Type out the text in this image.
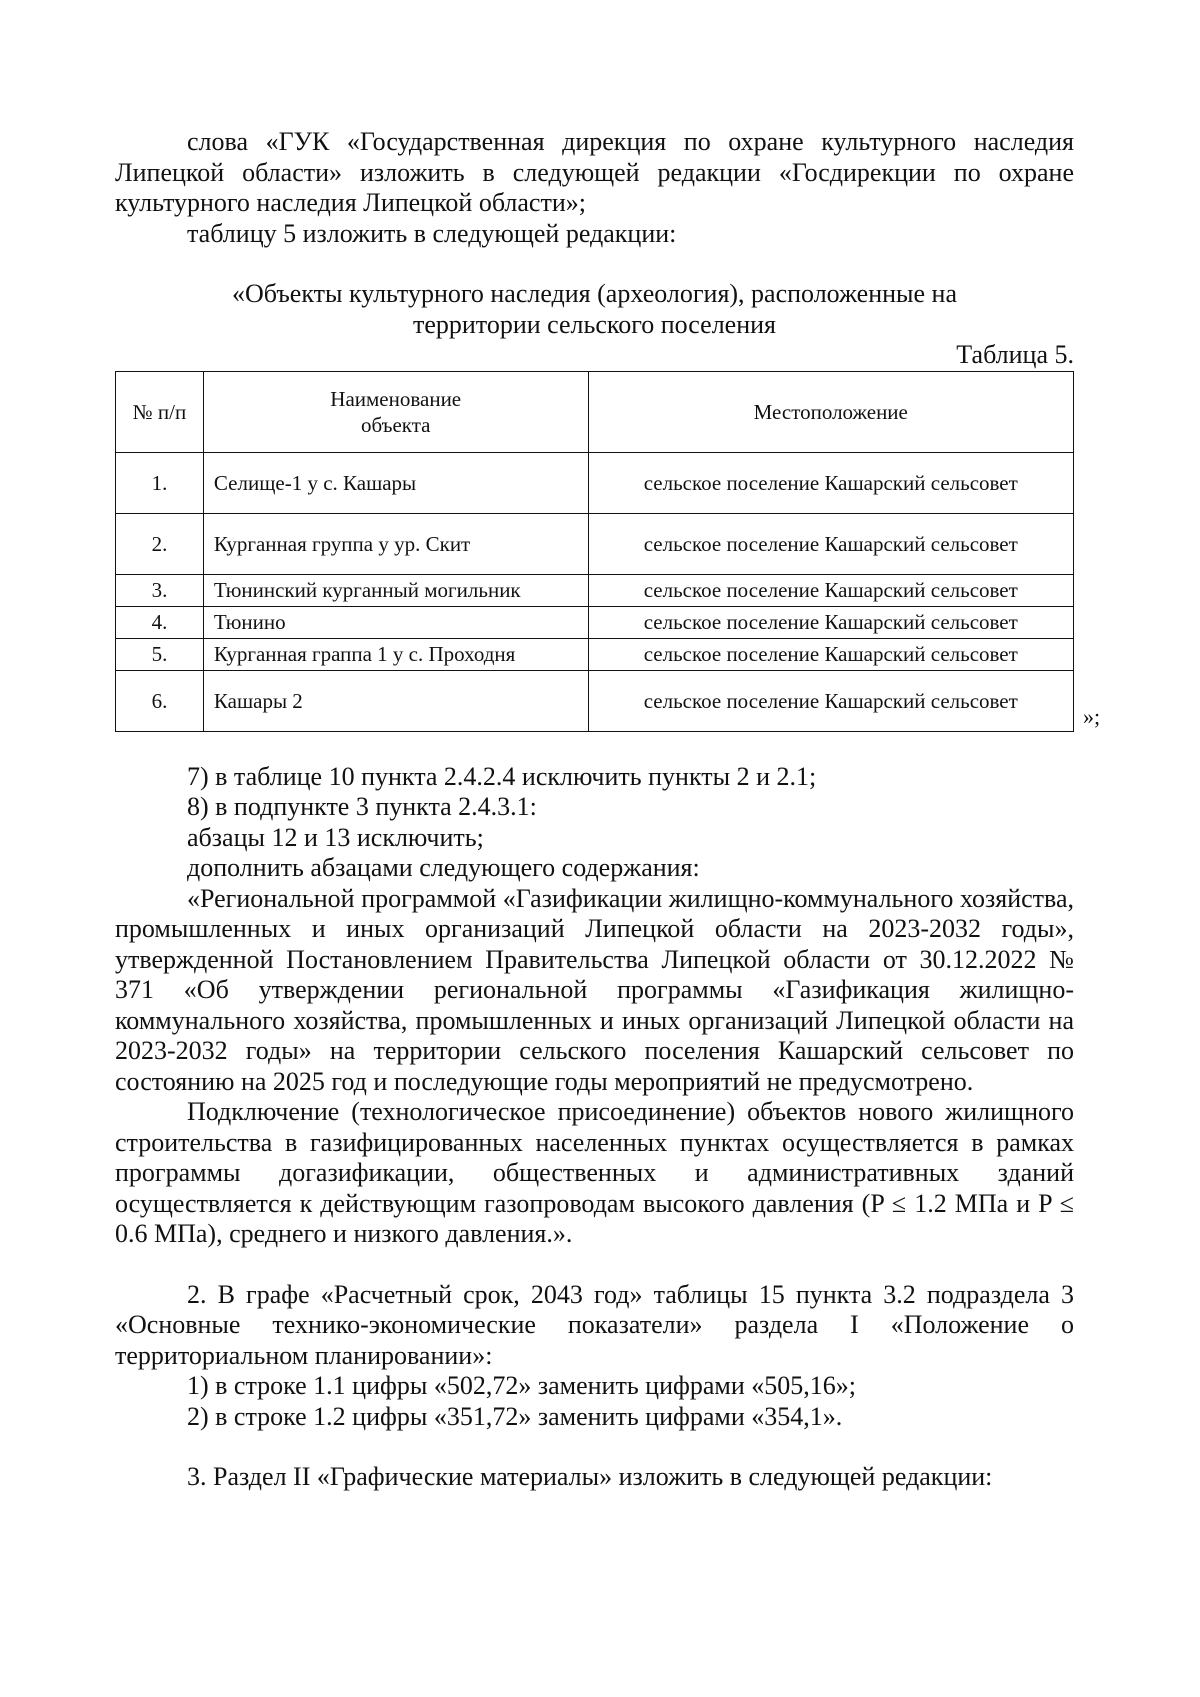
слова «ГУК «Государственная дирекция по охране культурного наследия Липецкой области» изложить в следующей редакции «Госдирекции по охране культурного наследия Липецкой области»;

таблицу 5 изложить в следующей редакции:

«Объекты культурного наследия (археология), расположенные на

территории сельского поселения

Таблица 5.

№ п/п	Наименование объекта	Местоположение
1.	Селище-1 у с. Кашары	сельское поселение Кашарский сельсовет
2.	Курганная группа у ур. Скит	сельское поселение Кашарский сельсовет
3.	Тюнинский курганный могильник	сельское поселение Кашарский сельсовет
4.	Тюнино	сельское поселение Кашарский сельсовет
5.	Курганная граппа 1 у с. Проходня	сельское поселение Кашарский сельсовет
6.	Кашары 2	сельское поселение Кашарский сельсовет
»;

7) в таблице 10 пункта 2.4.2.4 исключить пункты 2 и 2.1;

8) в подпункте 3 пункта 2.4.3.1:

абзацы 12 и 13 исключить;

дополнить абзацами следующего содержания:

«Региональной программой «Газификации жилищно-коммунального хозяйства, промышленных и иных организаций Липецкой области на 2023-2032 годы», утвержденной Постановлением Правительства Липецкой области от 30.12.2022 № 371 «Об утверждении региональной программы «Газификация жилищно-коммунального хозяйства, промышленных и иных организаций Липецкой области на 2023-2032 годы» на территории сельского поселения Кашарский сельсовет по состоянию на 2025 год и последующие годы мероприятий не предусмотрено.

Подключение (технологическое присоединение) объектов нового жилищного строительства в газифицированных населенных пунктах осуществляется в рамках программы догазификации, общественных и административных зданий осуществляется к действующим газопроводам высокого давления (P ≤ 1.2 МПа и P ≤ 0.6 МПа), среднего и низкого давления.».

2. В графе «Расчетный срок, 2043 год» таблицы 15 пункта 3.2 подраздела 3 «Основные технико-экономические показатели» раздела I «Положение о территориальном планировании»:

1) в строке 1.1 цифры «502,72» заменить цифрами «505,16»;

2) в строке 1.2 цифры «351,72» заменить цифрами «354,1».

3. Раздел II «Графические материалы» изложить в следующей редакции:
